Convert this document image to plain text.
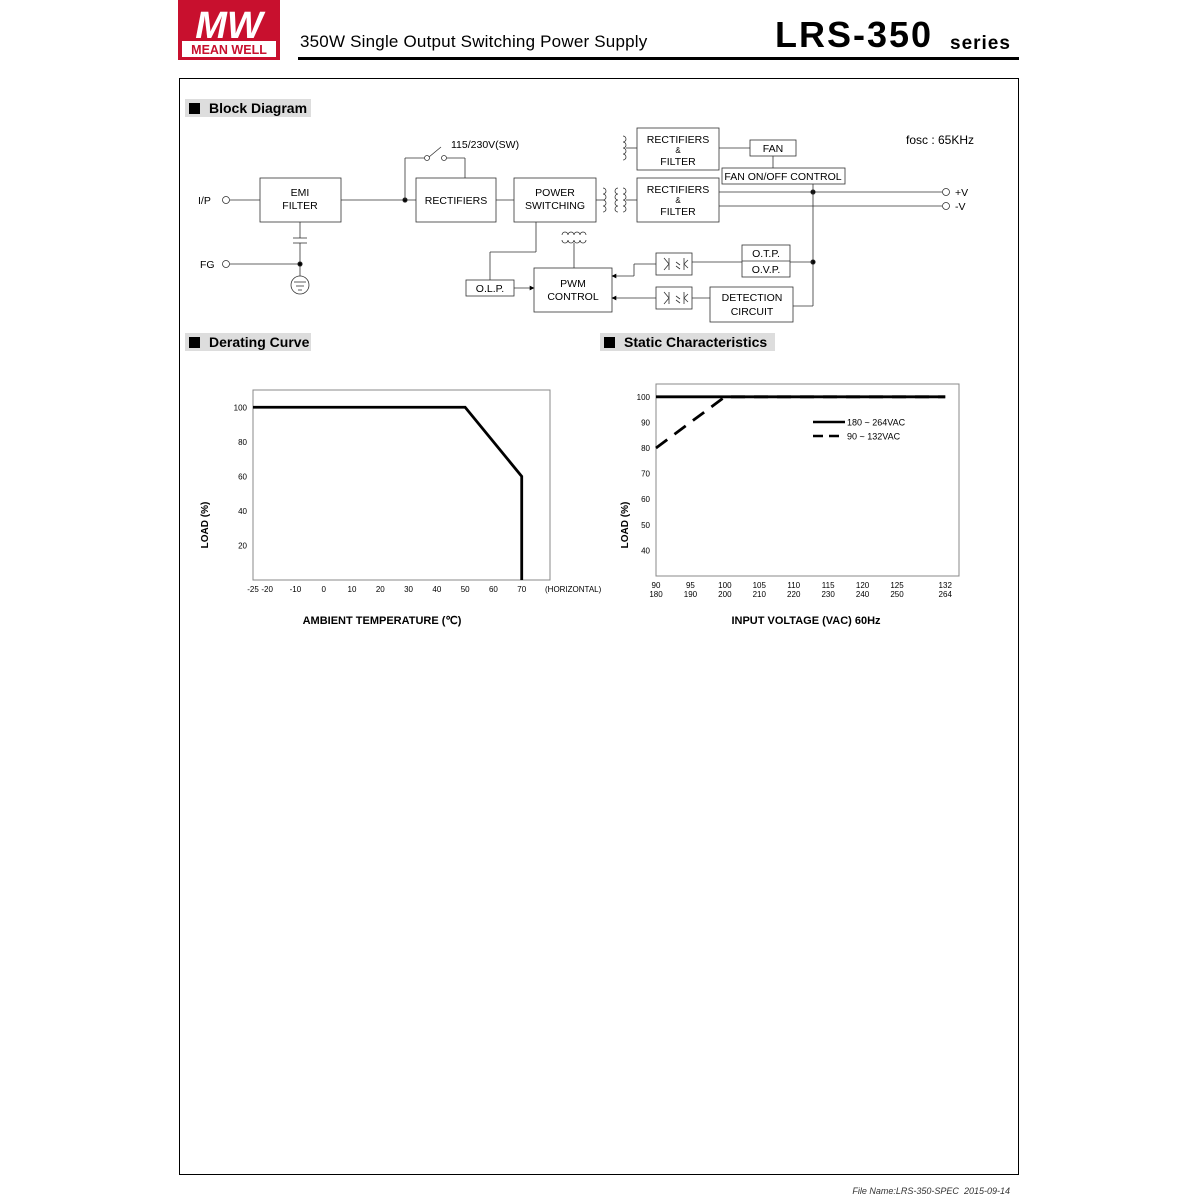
MW
MEAN WELL 350W Single Output Switching Power Supply	LRS-350 series
Block Diagram
Derating Curve	Static Characteristics
fosc : 65KHz
I/P
FG
115/230V(SW)
EMI
FILTER	RECTIFIERS
POWER
SWITCHING
RECTIFIERS
&
FILTER
FAN
FAN ON/OFF CONTROL
RECTIFIERS
&
FILTER
+V
-V
O.L.P.	PWM
CONTROL
O.T.P.
O.V.P.
DETECTION
CIRCUIT
LOAD (%)
AMBIENT TEMPERATURE (℃)
(HORIZONTAL)
-25 -20 -10	0	10 20 30 40 50 60 70
20
40
60
80
100
LOAD (%)
INPUT VOLTAGE (VAC) 60Hz
90
180
95
190
100
200
105
210
110
220
115
230
120
240
125
250
132
264
40
50
60
70
80
90
100
180 ~ 264VAC
90 ~ 132VAC
File Name:LRS-350-SPEC 2015-09-14
